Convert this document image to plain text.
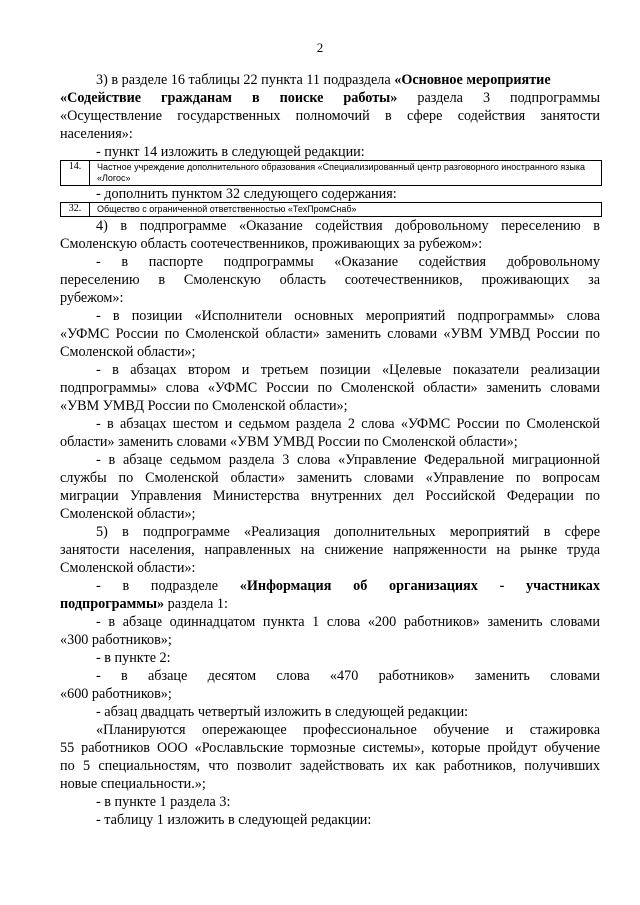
2
3) в разделе 16 таблицы 22 пункта 11 подраздела «Основное мероприятие
«Содействие гражданам в поиске работы» раздела 3 подпрограммы
«Осуществление государственных полномочий в сфере содействия занятости
населения»:
- пункт 14 изложить в следующей редакции:
14.	Частное учреждение дополнительного образования «Специализированный центр разговорного иностранного языка «Логос»
- дополнить пунктом 32 следующего содержания:
32.	Общество с ограниченной ответственностью «ТехПромСнаб»
4) в подпрограмме «Оказание содействия добровольному переселению в
Смоленскую область соотечественников, проживающих за рубежом»:
- в паспорте подпрограммы «Оказание содействия добровольному
переселению в Смоленскую область соотечественников, проживающих за
рубежом»:
- в позиции «Исполнители основных мероприятий подпрограммы» слова
«УФМС России по Смоленской области» заменить словами «УВМ УМВД России по
Смоленской области»;
- в абзацах втором и третьем позиции «Целевые показатели реализации
подпрограммы» слова «УФМС России по Смоленской области» заменить словами
«УВМ УМВД России по Смоленской области»;
- в абзацах шестом и седьмом раздела 2 слова «УФМС России по Смоленской
области» заменить словами «УВМ УМВД России по Смоленской области»;
- в абзаце седьмом раздела 3 слова «Управление Федеральной миграционной
службы по Смоленской области» заменить словами «Управление по вопросам
миграции Управления Министерства внутренних дел Российской Федерации по
Смоленской области»;
5) в подпрограмме «Реализация дополнительных мероприятий в сфере
занятости населения, направленных на снижение напряженности на рынке труда
Смоленской области»:
- в подразделе «Информация об организациях - участниках
подпрограммы» раздела 1:
- в абзаце одиннадцатом пункта 1 слова «200 работников» заменить словами
«300 работников»;
- в пункте 2:
- в абзаце десятом слова «470 работников» заменить словами
«600 работников»;
- абзац двадцать четвертый изложить в следующей редакции:
«Планируются опережающее профессиональное обучение и стажировка
55 работников ООО «Рославльские тормозные системы», которые пройдут обучение
по 5 специальностям, что позволит задействовать их как работников, получивших
новые специальности.»;
- в пункте 1 раздела 3:
- таблицу 1 изложить в следующей редакции:
